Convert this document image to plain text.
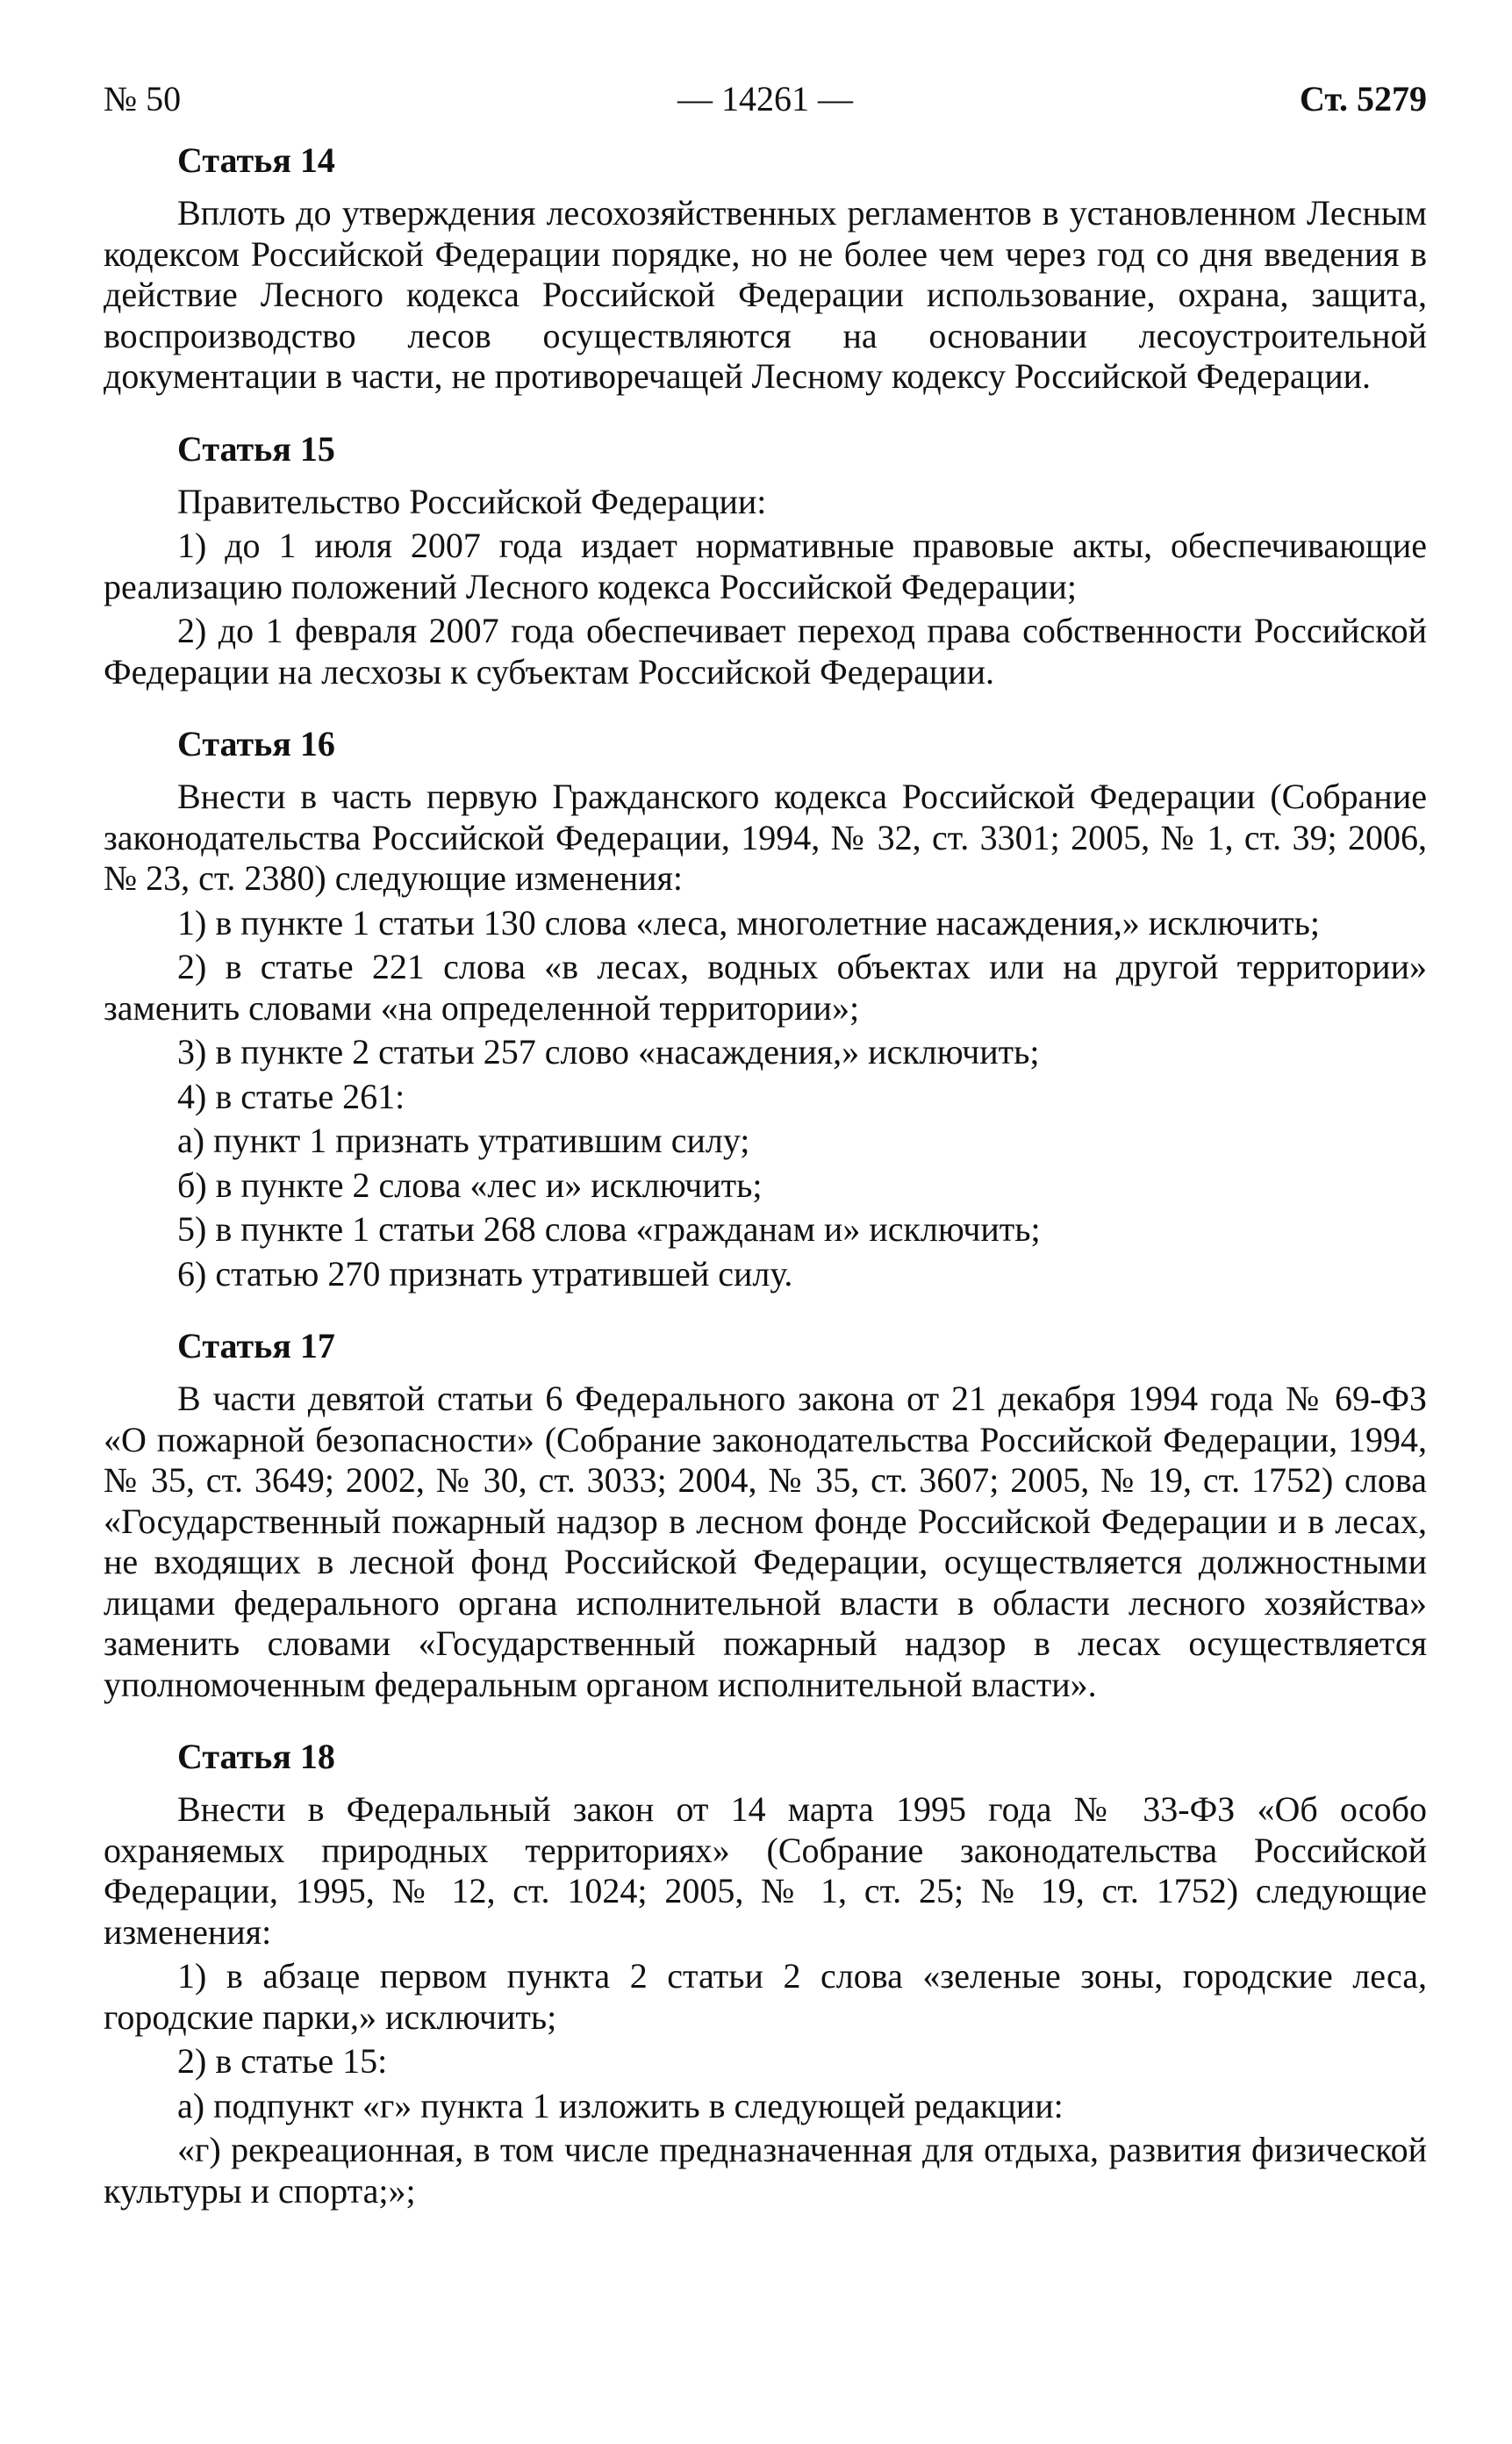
№ 50	— 14261 —	Ст. 5279
Статья 14

Вплоть до утверждения лесохозяйственных регламентов в установленном Лесным кодексом Российской Федерации порядке, но не более чем через год со дня введения в действие Лесного кодекса Российской Федерации использование, охрана, защита, воспроизводство лесов осуществляются на основании лесоустроительной документации в части, не противоречащей Лесному кодексу Российской Федерации.

Статья 15

Правительство Российской Федерации:

1) до 1 июля 2007 года издает нормативные правовые акты, обеспечивающие реализацию положений Лесного кодекса Российской Федерации;

2) до 1 февраля 2007 года обеспечивает переход права собственности Российской Федерации на лесхозы к субъектам Российской Федерации.

Статья 16

Внести в часть первую Гражданского кодекса Российской Федерации (Собрание законодательства Российской Федерации, 1994, № 32, ст. 3301; 2005, № 1, ст. 39; 2006, № 23, ст. 2380) следующие изменения:

1) в пункте 1 статьи 130 слова «леса, многолетние насаждения,» исключить;

2) в статье 221 слова «в лесах, водных объектах или на другой территории» заменить словами «на определенной территории»;

3) в пункте 2 статьи 257 слово «насаждения,» исключить;

4) в статье 261:

а) пункт 1 признать утратившим силу;

б) в пункте 2 слова «лес и» исключить;

5) в пункте 1 статьи 268 слова «гражданам и» исключить;

6) статью 270 признать утратившей силу.

Статья 17

В части девятой статьи 6 Федерального закона от 21 декабря 1994 года № 69-ФЗ «О пожарной безопасности» (Собрание законодательства Российской Федерации, 1994, № 35, ст. 3649; 2002, № 30, ст. 3033; 2004, № 35, ст. 3607; 2005, № 19, ст. 1752) слова «Государственный пожарный надзор в лесном фонде Российской Федерации и в лесах, не входящих в лесной фонд Российской Федерации, осуществляется должностными лицами федерального органа исполнительной власти в области лесного хозяйства» заменить словами «Государственный пожарный надзор в лесах осуществляется уполномоченным федеральным органом исполнительной власти».

Статья 18

Внести в Федеральный закон от 14 марта 1995 года № 33-ФЗ «Об особо охраняемых природных территориях» (Собрание законодательства Российской Федерации, 1995, № 12, ст. 1024; 2005, № 1, ст. 25; № 19, ст. 1752) следующие изменения:

1) в абзаце первом пункта 2 статьи 2 слова «зеленые зоны, городские леса, городские парки,» исключить;

2) в статье 15:

а) подпункт «г» пункта 1 изложить в следующей редакции:

«г) рекреационная, в том числе предназначенная для отдыха, развития физической культуры и спорта;»;
